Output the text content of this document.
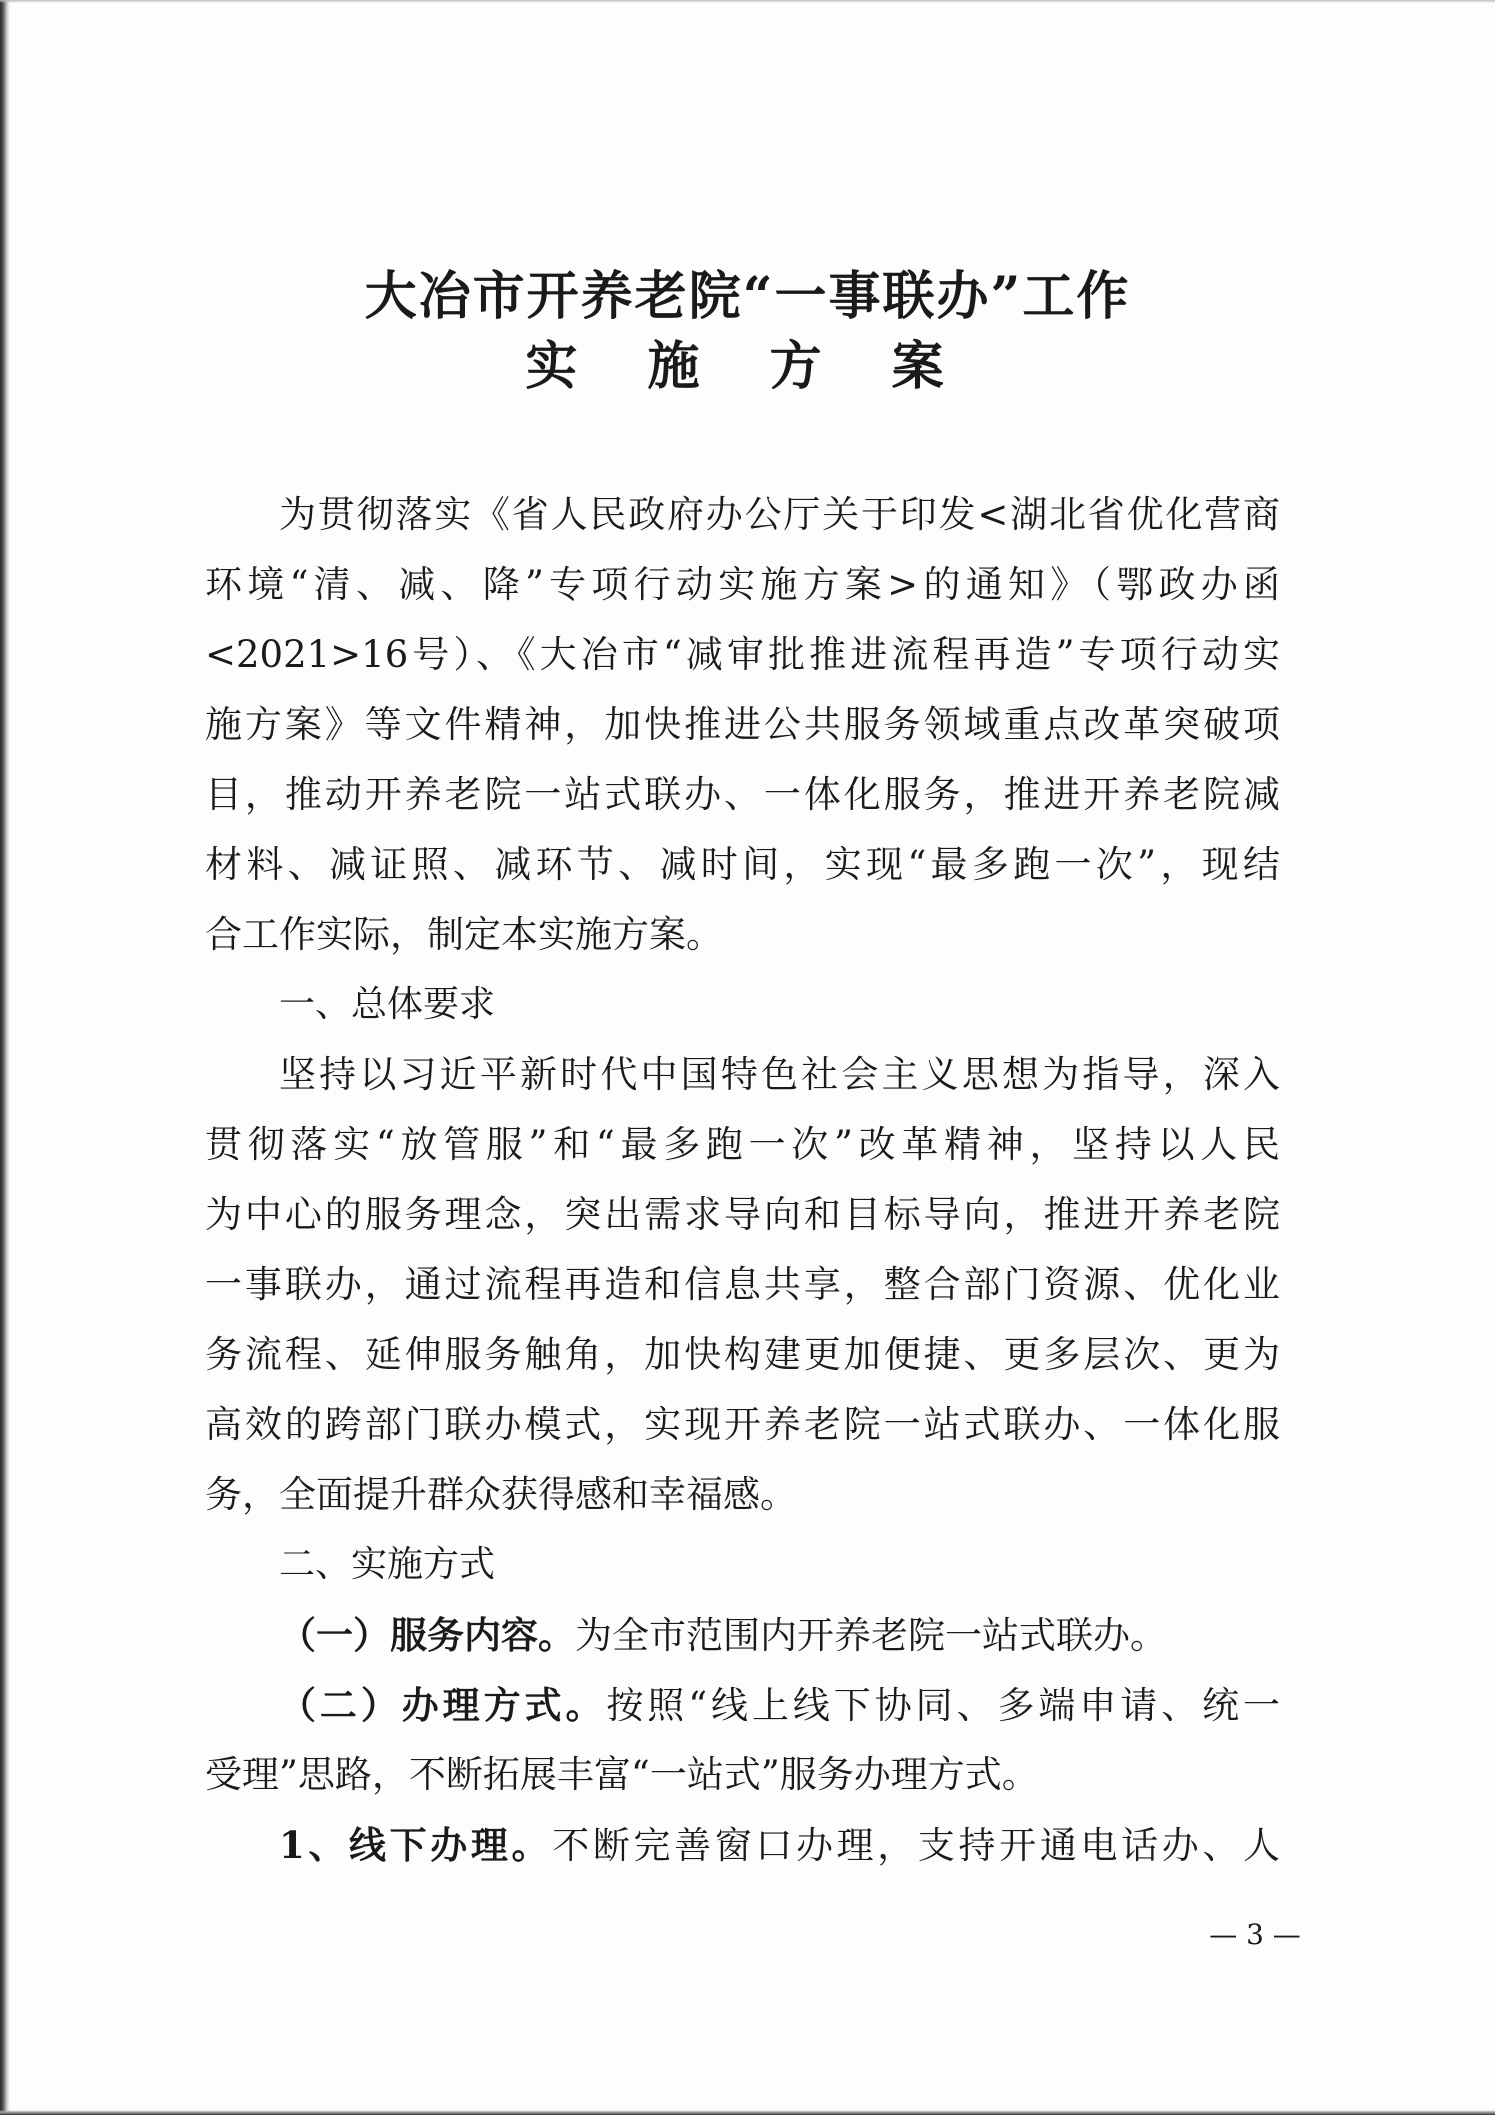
大冶市开养老院“一事联办”工作
实 施 方 案

为贯彻落实《省人民政府办公厅关于印发<湖北省优化营商

环境“清、减、降”专项行动实施方案>的通知》（鄂政办函

<2021>16号）、《大冶市“减审批推进流程再造”专项行动实

施方案》等文件精神，加快推进公共服务领域重点改革突破项

目，推动开养老院一站式联办、一体化服务，推进开养老院减

材料、减证照、减环节、减时间，实现“最多跑一次”，现结

合工作实际，制定本实施方案。

一、总体要求

坚持以习近平新时代中国特色社会主义思想为指导，深入

贯彻落实“放管服”和“最多跑一次”改革精神，坚持以人民

为中心的服务理念，突出需求导向和目标导向，推进开养老院

一事联办，通过流程再造和信息共享，整合部门资源、优化业

务流程、延伸服务触角，加快构建更加便捷、更多层次、更为

高效的跨部门联办模式，实现开养老院一站式联办、一体化服

务，全面提升群众获得感和幸福感。

二、实施方式

（一）服务内容。为全市范围内开养老院一站式联办。

（二）办理方式。按照“线上线下协同、多端申请、统一

受理”思路，不断拓展丰富“一站式”服务办理方式。

1、线下办理。不断完善窗口办理，支持开通电话办、人

— 3 —
